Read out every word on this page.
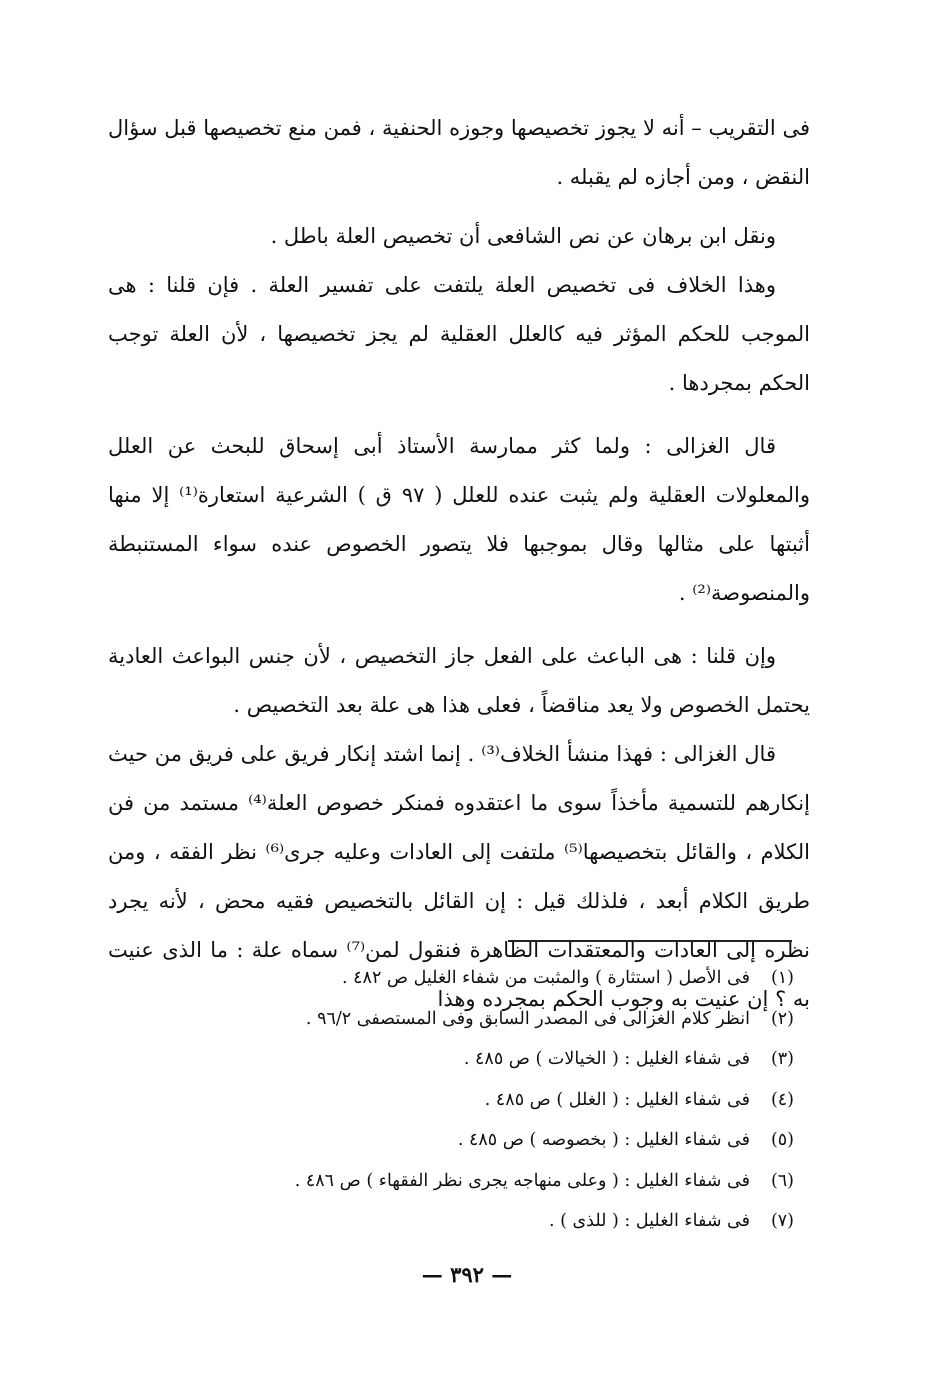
فى التقريب – أنه لا يجوز تخصيصها وجوزه الحنفية ، فمن منع تخصيصها قبل سؤال النقض ، ومن أجازه لم يقبله .

ونقل ابن برهان عن نص الشافعى أن تخصيص العلة باطل .

وهذا الخلاف فى تخصيص العلة يلتفت على تفسير العلة . فإن قلنا : هى الموجب للحكم المؤثر فيه كالعلل العقلية لم يجز تخصيصها ، لأن العلة توجب الحكم بمجردها .

قال الغزالى : ولما كثر ممارسة الأستاذ أبى إسحاق للبحث عن العلل والمعلولات العقلية ولم يثبت عنده للعلل ( ٩٧ ق ) الشرعية استعارة⁽¹⁾ إلا منها أثبتها على مثالها وقال بموجبها فلا يتصور الخصوص عنده سواء المستنبطة والمنصوصة⁽²⁾ .

وإن قلنا : هى الباعث على الفعل جاز التخصيص ، لأن جنس البواعث العادية يحتمل الخصوص ولا يعد مناقضاً ، فعلى هذا هى علة بعد التخصيص .

قال الغزالى : فهذا منشأ الخلاف⁽³⁾ . إنما اشتد إنكار فريق على فريق من حيث إنكارهم للتسمية مأخذاً سوى ما اعتقدوه فمنكر خصوص العلة⁽⁴⁾ مستمد من فن الكلام ، والقائل بتخصيصها⁽⁵⁾ ملتفت إلى العادات وعليه جرى⁽⁶⁾ نظر الفقه ، ومن طريق الكلام أبعد ، فلذلك قيل : إن القائل بالتخصيص فقيه محض ، لأنه يجرد نظره إلى العادات والمعتقدات الظاهرة فنقول لمن⁽⁷⁾ سماه علة : ما الذى عنيت به ؟ إن عنيت به وجوب الحكم بمجرده وهذا

(١)
فى الأصل ( استثارة ) والمثبت من شفاء الغليل ص ٤٨٢ .
(٢)
انظر كلام الغزالى فى المصدر السابق وفى المستصفى ٩٦/٢ .
(٣)
فى شفاء الغليل : ( الخيالات ) ص ٤٨٥ .
(٤)
فى شفاء الغليل : ( الغلل ) ص ٤٨٥ .
(٥)
فى شفاء الغليل : ( بخصوصه ) ص ٤٨٥ .
(٦)
فى شفاء الغليل : ( وعلى منهاجه يجرى نظر الفقهاء ) ص ٤٨٦ .
(٧)
فى شفاء الغليل : ( للذى ) .
— ٣٩٢ —
